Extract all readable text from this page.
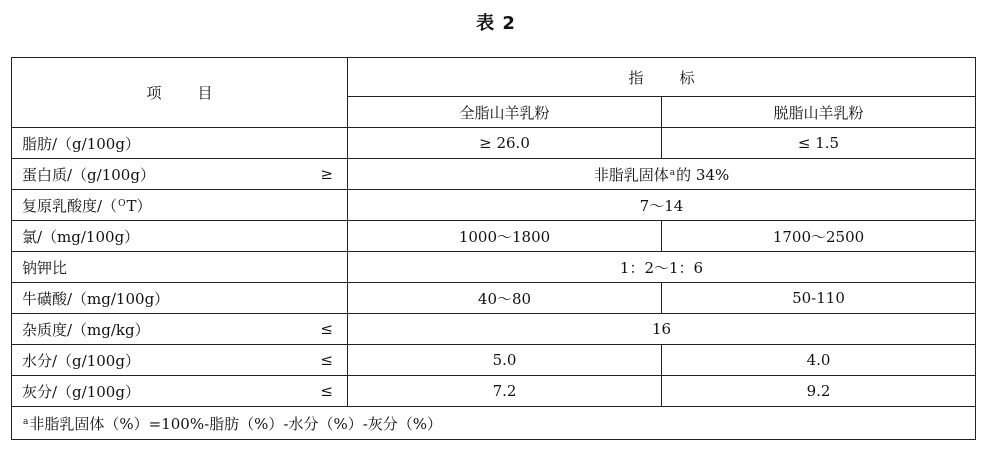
表 2
项 目	指 标	
	全脂山羊乳粉	脱脂山羊乳粉
脂肪/（g/100g）	≥ 26.0	≤ 1.5
蛋白质/（g/100g） ≥	非脂乳固体$^a$的 34%	
复原乳酸度/（$^O$T）	7～14	
氯/（mg/100g）	1000～1800	1700～2500
钠钾比	1：2～1：6	
牛磺酸/（mg/100g）	40～80	50-110
杂质度/（mg/kg） ≤	16	
水分/（g/100g） ≤	5.0	4.0
灰分/（g/100g） ≤	7.2	9.2
$^a$非脂乳固体（%）=100%-脂肪（%）-水分（%）-灰分（%）		
